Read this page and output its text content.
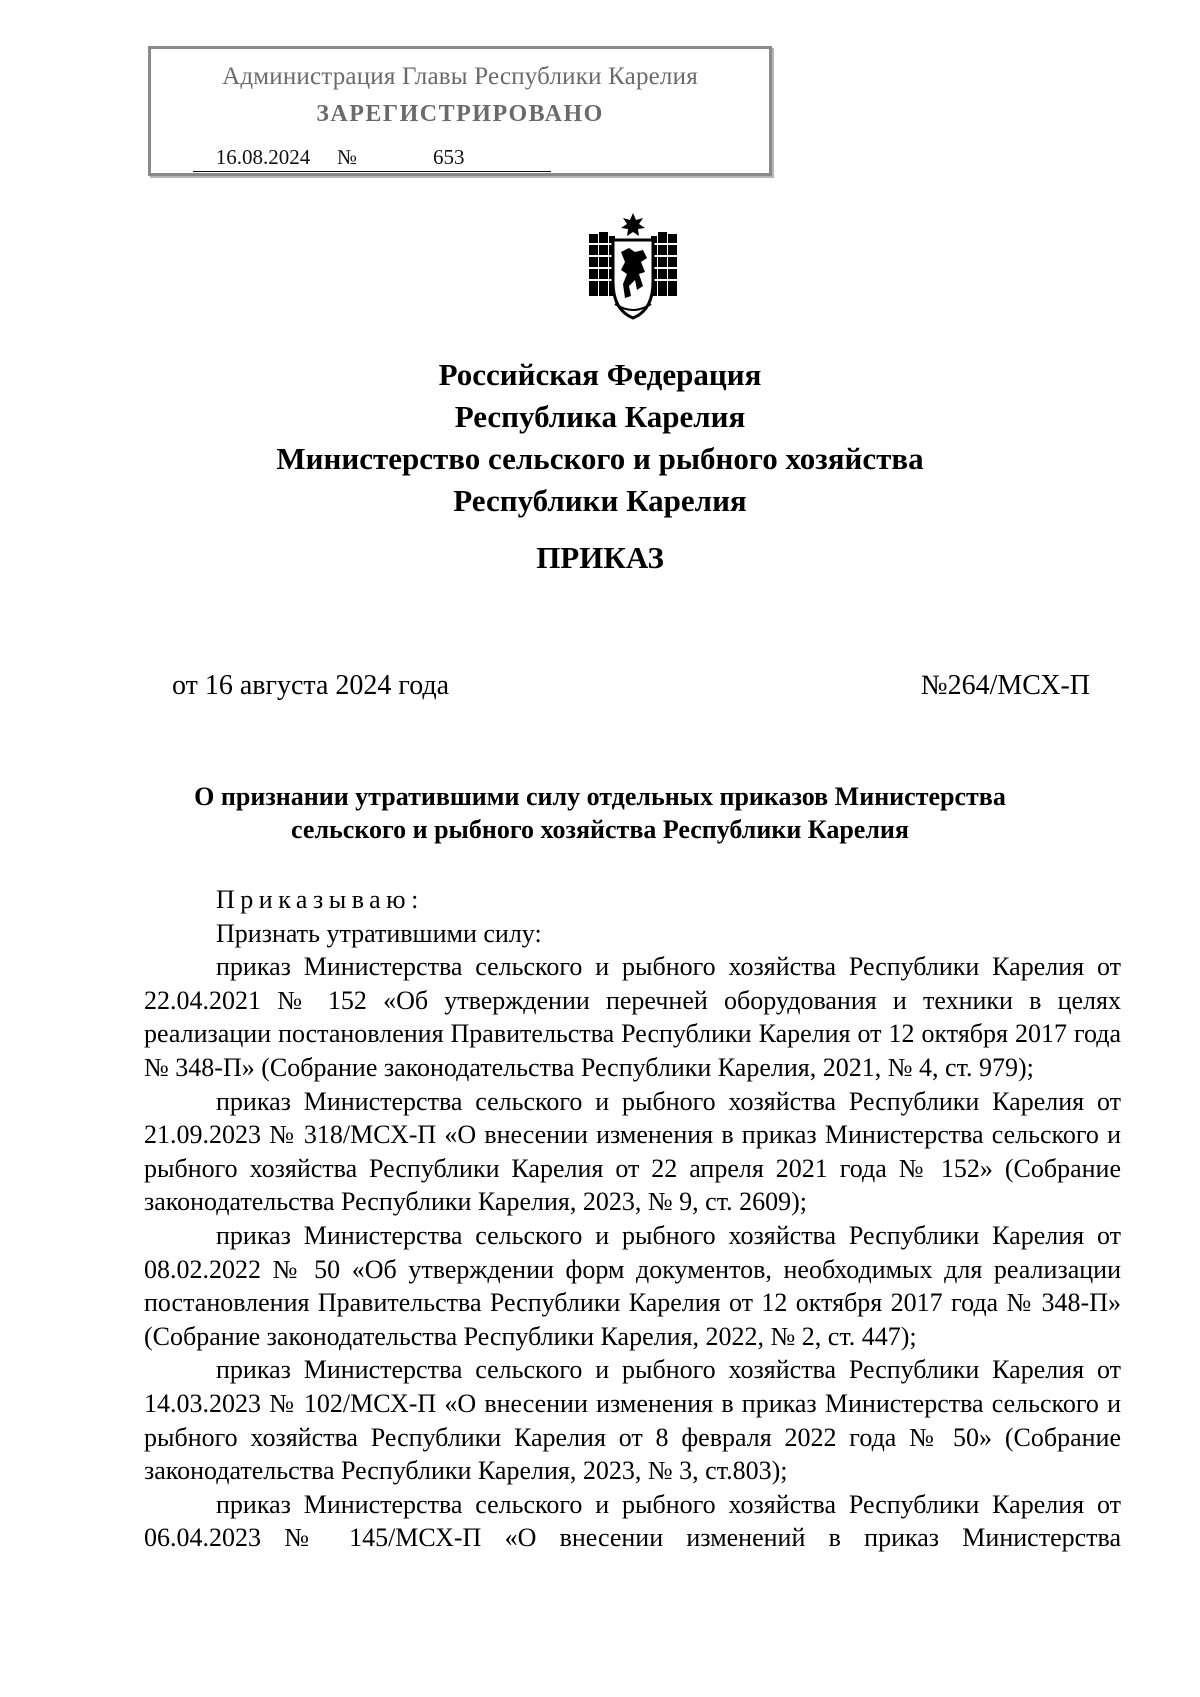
Администрация Главы Республики Карелия
ЗАРЕГИСТРИРОВАНО
16.08.2024	№	653
Российская Федерация
Республика Карелия
Министерство сельского и рыбного хозяйства
Республики Карелия
ПРИКАЗ
от 16 августа 2024 года	№264/МСХ-П
О признании утратившими силу отдельных приказов Министерства
сельского и рыбного хозяйства Республики Карелия

Приказываю:

Признать утратившими силу:

приказ Министерства сельского и рыбного хозяйства Республики Карелия от 22.04.2021 № 152 «Об утверждении перечней оборудования и техники в целях реализации постановления Правительства Республики Карелия от 12 октября 2017 года № 348-П» (Собрание законодательства Республики Карелия, 2021, № 4, ст. 979);

приказ Министерства сельского и рыбного хозяйства Республики Карелия от 21.09.2023 № 318/МСХ-П «О внесении изменения в приказ Министерства сельского и рыбного хозяйства Республики Карелия от 22 апреля 2021 года № 152» (Собрание законодательства Республики Карелия, 2023, № 9, ст. 2609);

приказ Министерства сельского и рыбного хозяйства Республики Карелия от 08.02.2022 № 50 «Об утверждении форм документов, необходимых для реализации постановления Правительства Республики Карелия от 12 октября 2017 года № 348-П» (Собрание законодательства Республики Карелия, 2022, № 2, ст. 447);

приказ Министерства сельского и рыбного хозяйства Республики Карелия от 14.03.2023 № 102/МСХ-П «О внесении изменения в приказ Министерства сельского и рыбного хозяйства Республики Карелия от 8 февраля 2022 года № 50» (Собрание законодательства Республики Карелия, 2023, № 3, ст.803);

приказ Министерства сельского и рыбного хозяйства Республики Карелия от 06.04.2023 № 145/МСХ-П «О внесении изменений в приказ Министерства
